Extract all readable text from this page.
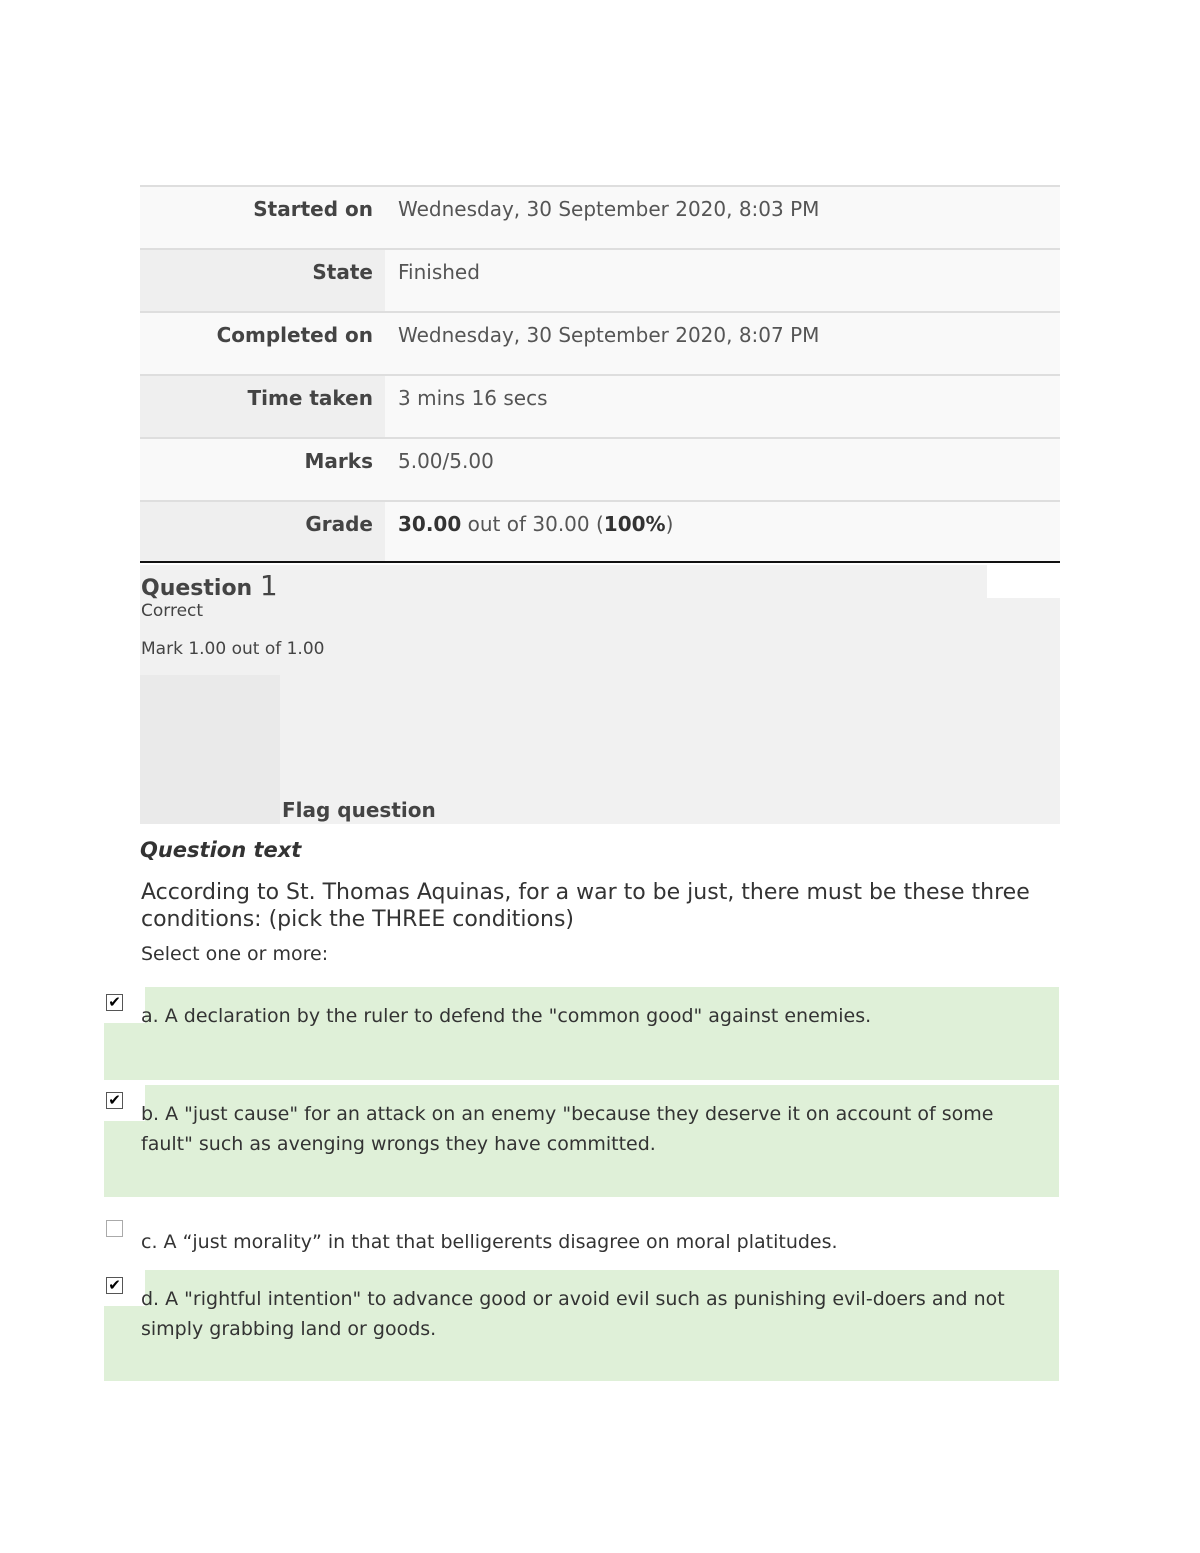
Started on	Wednesday, 30 September 2020, 8:03 PM
State	Finished
Completed on	Wednesday, 30 September 2020, 8:07 PM
Time taken	3 mins 16 secs
Marks	5.00/5.00
Grade	30.00 out of 30.00 (100%)
Question 1
Correct
Mark 1.00 out of 1.00
Flag question
Question text
According to St. Thomas Aquinas, for a war to be just, there must be these three conditions: (pick the THREE conditions)
Select one or more:
✔
a. A declaration by the ruler to defend the "common good" against enemies.
✔
b. A "just cause" for an attack on an enemy "because they deserve it on account of some fault" such as avenging wrongs they have committed.
c. A “just morality” in that that belligerents disagree on moral platitudes.
✔
d. A "rightful intention" to advance good or avoid evil such as punishing evil-doers and not simply grabbing land or goods.
